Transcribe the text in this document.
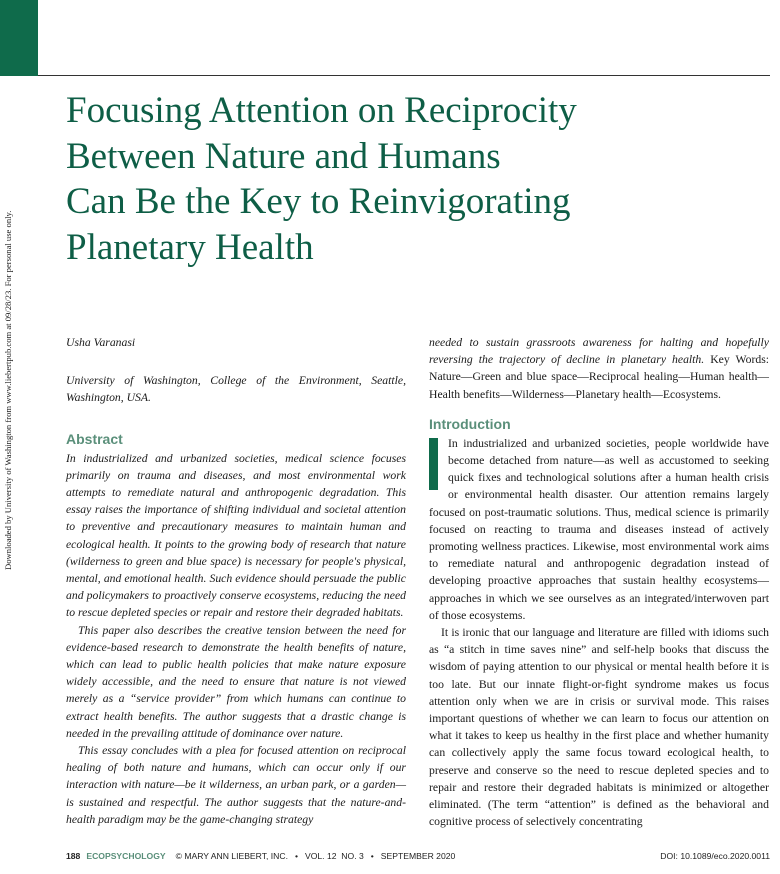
Downloaded by University of Washington from www.liebertpub.com at 09/28/23. For personal use only.
Focusing Attention on Reciprocity
Between Nature and Humans
Can Be the Key to Reinvigorating
Planetary Health

Usha Varanasi

University of Washington, College of the Environment, Seattle, Washington, USA.

Abstract

In industrialized and urbanized societies, medical science focuses primarily on trauma and diseases, and most environmental work attempts to remediate natural and anthropogenic degradation. This essay raises the importance of shifting individual and societal attention to preventive and precautionary measures to maintain human and ecological health. It points to the growing body of research that nature (wilderness to green and blue space) is necessary for people's physical, mental, and emotional health. Such evidence should persuade the public and policymakers to proactively conserve ecosystems, reducing the need to rescue depleted species or repair and restore their degraded habitats.

This paper also describes the creative tension between the need for evidence-based research to demonstrate the health benefits of nature, which can lead to public health policies that make nature exposure widely accessible, and the need to ensure that nature is not viewed merely as a “service provider” from which humans can continue to extract health benefits. The author suggests that a drastic change is needed in the prevailing attitude of dominance over nature.

This essay concludes with a plea for focused attention on reciprocal healing of both nature and humans, which can occur only if our interaction with nature—be it wilderness, an urban park, or a garden—is sustained and respectful. The author suggests that the nature-and-health paradigm may be the game-changing strategy

needed to sustain grassroots awareness for halting and hopefully reversing the trajectory of decline in planetary health. Key Words: Nature—Green and blue space—Reciprocal healing—Human health—Health benefits—Wilderness—Planetary health—Ecosystems.

Introduction

In industrialized and urbanized societies, people worldwide have become detached from nature—as well as accustomed to seeking quick fixes and technological solutions after a human health crisis or environmental health disaster. Our attention remains largely focused on post-traumatic solutions. Thus, medical science is primarily focused on reacting to trauma and diseases instead of actively promoting wellness practices. Likewise, most environmental work aims to remediate natural and anthropogenic degradation instead of developing proactive approaches that sustain healthy ecosystems—approaches in which we see ourselves as an integrated/interwoven part of those ecosystems.

It is ironic that our language and literature are filled with idioms such as “a stitch in time saves nine” and self-help books that discuss the wisdom of paying attention to our physical or mental health before it is too late. But our innate flight-or-fight syndrome makes us focus attention only when we are in crisis or survival mode. This raises important questions of whether we can learn to focus our attention on what it takes to keep us healthy in the first place and whether humanity can collectively apply the same focus toward ecological health, to preserve and conserve so the need to rescue depleted species and to repair and restore their degraded habitats is minimized or altogether eliminated. (The term “attention” is defined as the behavioral and cognitive process of selectively concentrating

188 ECOPSYCHOLOGY © MARY ANN LIEBERT, INC. • VOL. 12
NO. 3 • SEPTEMBER 2020	DOI: 10.1089/eco.2020.0011
